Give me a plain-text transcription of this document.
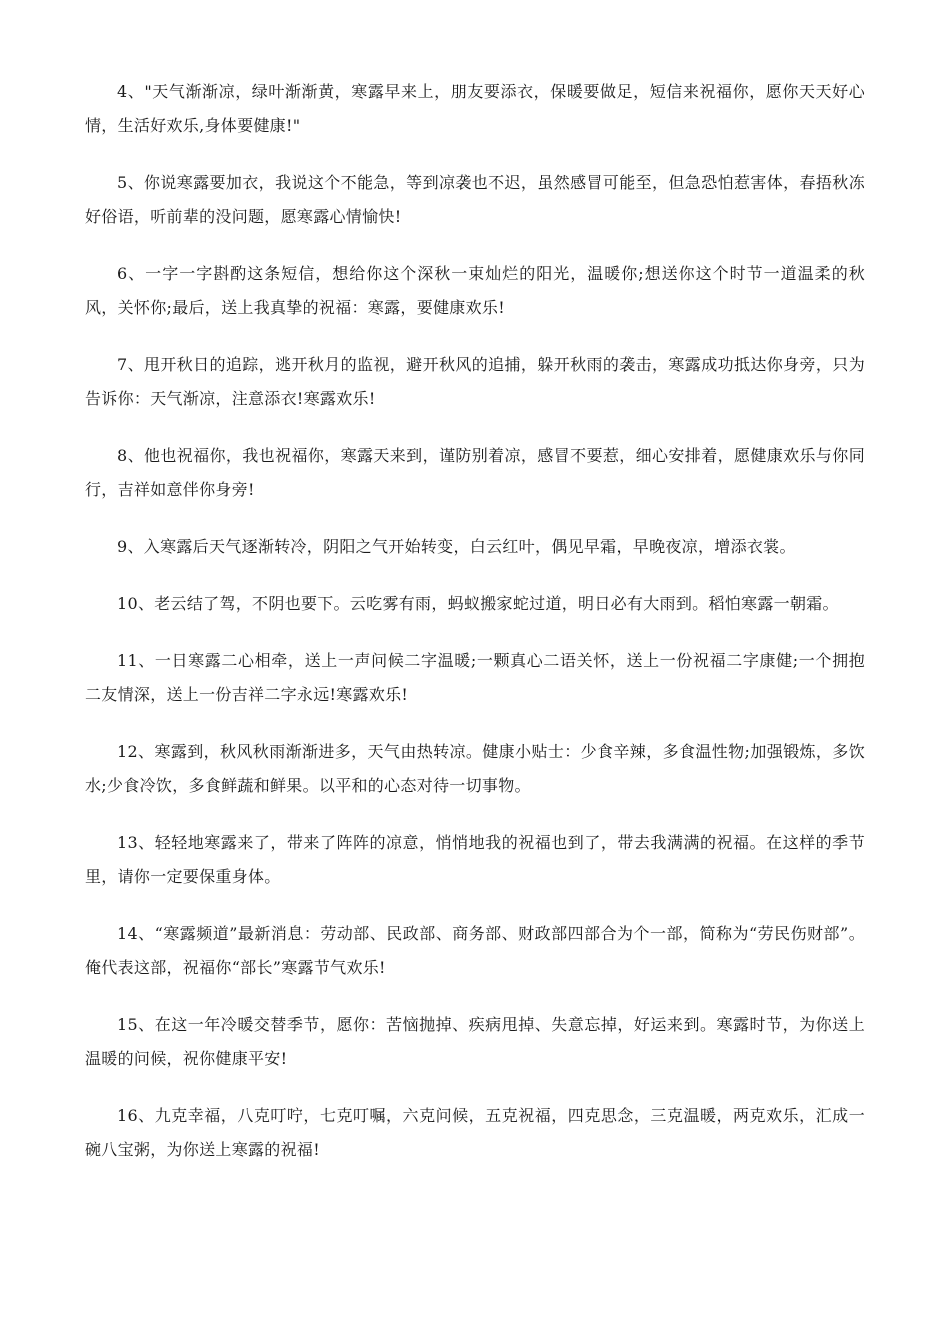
4、"天气渐渐凉，绿叶渐渐黄，寒露早来上，朋友要添衣，保暖要做足，短信来祝福你，愿你天天好心情，生活好欢乐,身体要健康!"

5、你说寒露要加衣，我说这个不能急，等到凉袭也不迟，虽然感冒可能至，但急恐怕惹害体，春捂秋冻好俗语，听前辈的没问题，愿寒露心情愉快!

6、一字一字斟酌这条短信，想给你这个深秋一束灿烂的阳光，温暖你;想送你这个时节一道温柔的秋风，关怀你;最后，送上我真挚的祝福：寒露，要健康欢乐!

7、甩开秋日的追踪，逃开秋月的监视，避开秋风的追捕，躲开秋雨的袭击，寒露成功抵达你身旁，只为告诉你：天气渐凉，注意添衣!寒露欢乐!

8、他也祝福你，我也祝福你，寒露天来到，谨防别着凉，感冒不要惹，细心安排着，愿健康欢乐与你同行，吉祥如意伴你身旁!

9、入寒露后天气逐渐转冷，阴阳之气开始转变，白云红叶，偶见早霜，早晚夜凉，增添衣裳。

10、老云结了驾，不阴也要下。云吃雾有雨，蚂蚁搬家蛇过道，明日必有大雨到。稻怕寒露一朝霜。

11、一日寒露二心相牵，送上一声问候二字温暖;一颗真心二语关怀，送上一份祝福二字康健;一个拥抱二友情深，送上一份吉祥二字永远!寒露欢乐!

12、寒露到，秋风秋雨渐渐进多，天气由热转凉。健康小贴士：少食辛辣，多食温性物;加强锻炼，多饮水;少食冷饮，多食鲜蔬和鲜果。以平和的心态对待一切事物。

13、轻轻地寒露来了，带来了阵阵的凉意，悄悄地我的祝福也到了，带去我满满的祝福。在这样的季节里，请你一定要保重身体。

14、“寒露频道”最新消息：劳动部、民政部、商务部、财政部四部合为个一部，简称为“劳民伤财部”。俺代表这部，祝福你“部长”寒露节气欢乐!

15、在这一年冷暖交替季节，愿你：苦恼抛掉、疾病甩掉、失意忘掉，好运来到。寒露时节，为你送上温暖的问候，祝你健康平安!

16、九克幸福，八克叮咛，七克叮嘱，六克问候，五克祝福，四克思念，三克温暖，两克欢乐，汇成一碗八宝粥，为你送上寒露的祝福!
